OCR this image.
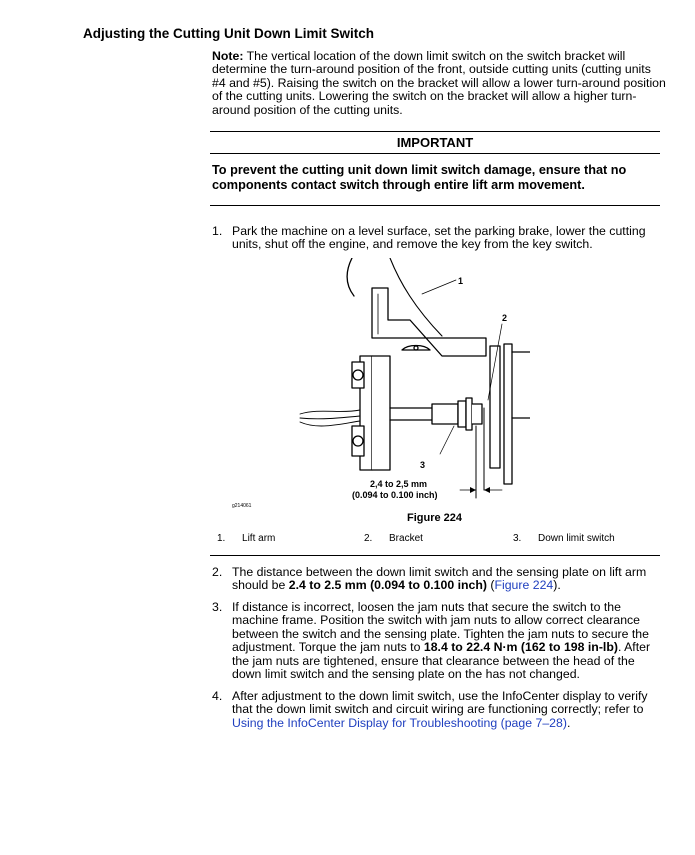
Adjusting the Cutting Unit Down Limit Switch
Note: The vertical location of the down limit switch on the switch bracket will determine the turn-around position of the front, outside cutting units (cutting units #4 and #5). Raising the switch on the bracket will allow a lower turn-around position of the cutting units. Lowering the switch on the bracket will allow a higher turn-around position of the cutting units.
IMPORTANT
To prevent the cutting unit down limit switch damage, ensure that no components contact switch through entire lift arm movement.
1. Park the machine on a level surface, set the parking brake, lower the cutting units, shut off the engine, and remove the key from the key switch.
1
2
3
2,4 to 2,5 mm
(0.094 to 0.100 inch)
g214061
Figure 224
1. Lift arm	2. Bracket	3. Down limit switch
2. The distance between the down limit switch and the sensing plate on lift arm should be 2.4 to 2.5 mm (0.094 to 0.100 inch) (Figure 224).
3. If distance is incorrect, loosen the jam nuts that secure the switch to the machine frame. Position the switch with jam nuts to allow correct clearance between the switch and the sensing plate. Tighten the jam nuts to secure the adjustment. Torque the jam nuts to 18.4 to 22.4 N·m (162 to 198 in-lb). After the jam nuts are tightened, ensure that clearance between the head of the down limit switch and the sensing plate on the has not changed.
4. After adjustment to the down limit switch, use the InfoCenter display to verify that the down limit switch and circuit wiring are functioning correctly; refer to Using the InfoCenter Display for Troubleshooting (page 7–28).
